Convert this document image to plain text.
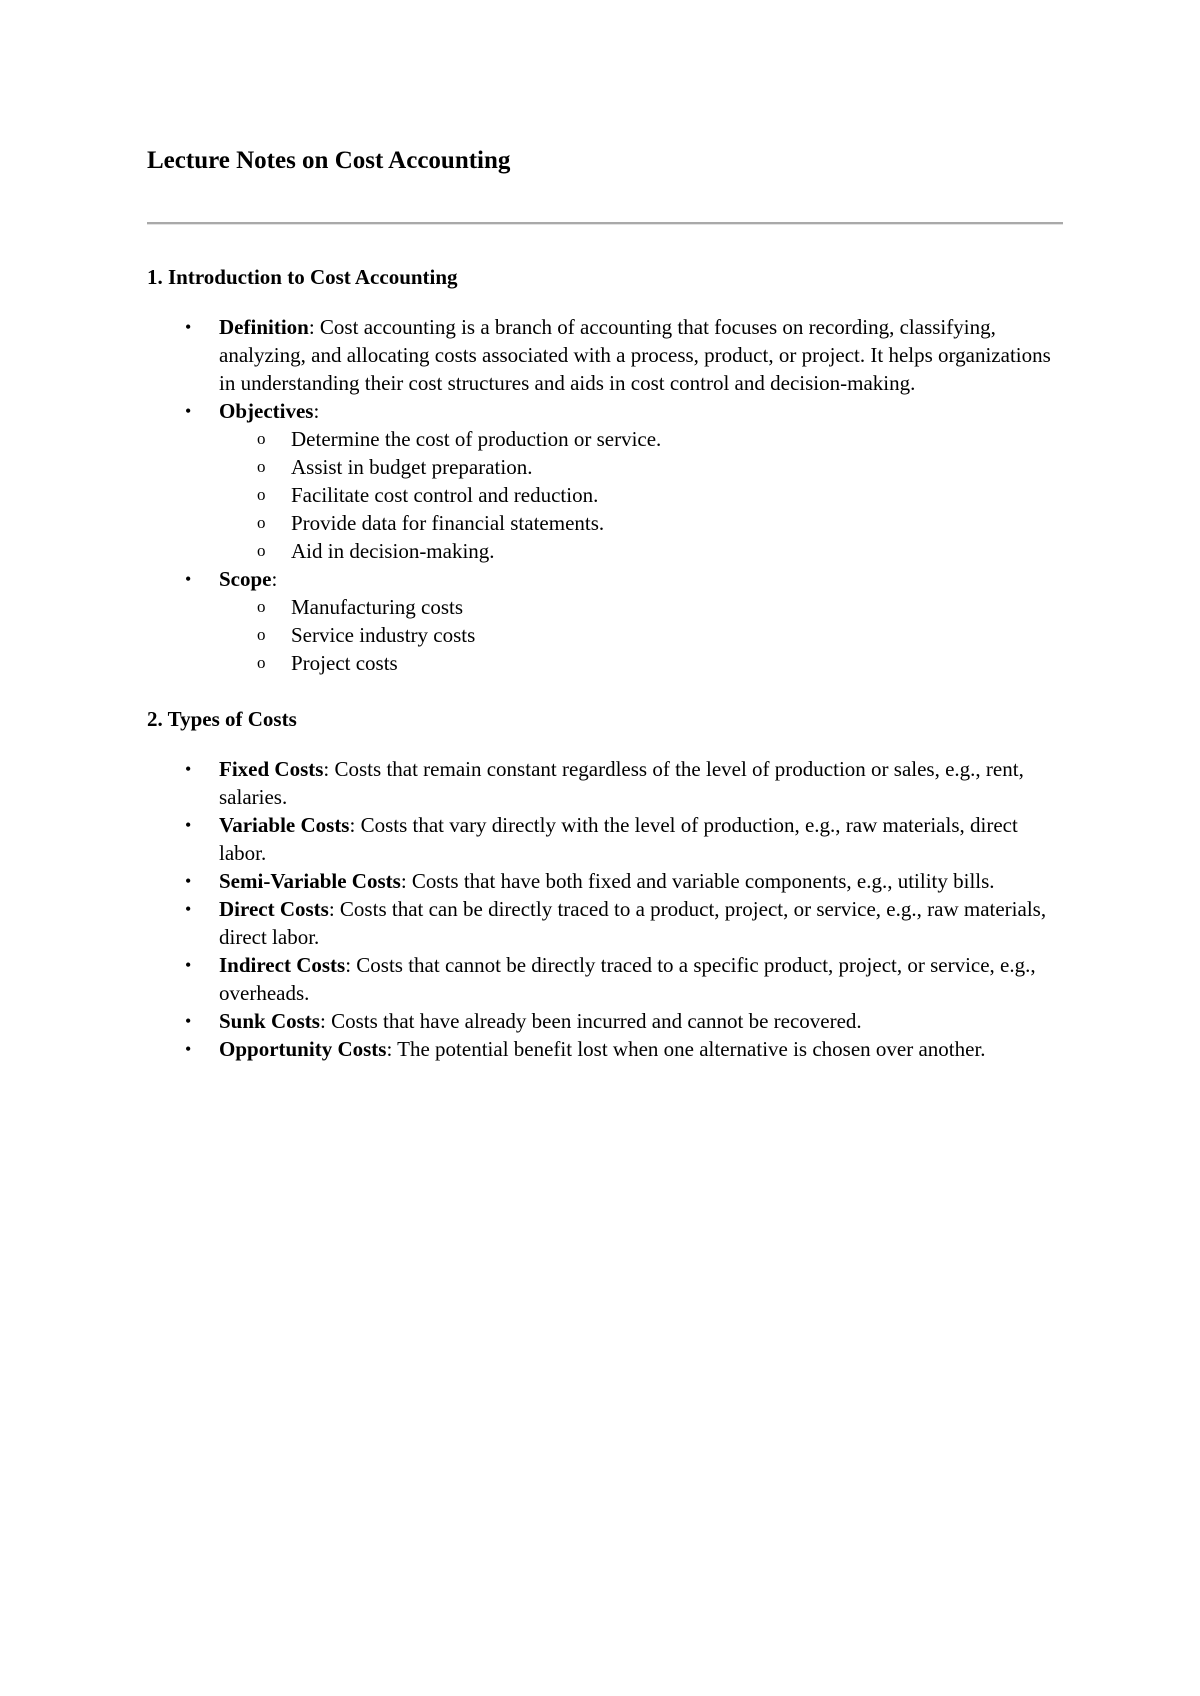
Lecture Notes on Cost Accounting
1. Introduction to Cost Accounting
• Definition: Cost accounting is a branch of accounting that focuses on recording, classifying, analyzing, and allocating costs associated with a process, product, or project. It helps organizations in understanding their cost structures and aids in cost control and decision-making.
• Objectives:
o Determine the cost of production or service.
o Assist in budget preparation.
o Facilitate cost control and reduction.
o Provide data for financial statements.
o Aid in decision-making.
• Scope:
o Manufacturing costs
o Service industry costs
o Project costs
2. Types of Costs
• Fixed Costs: Costs that remain constant regardless of the level of production or sales, e.g., rent, salaries.
• Variable Costs: Costs that vary directly with the level of production, e.g., raw materials, direct labor.
• Semi-Variable Costs: Costs that have both fixed and variable components, e.g., utility bills.
• Direct Costs: Costs that can be directly traced to a product, project, or service, e.g., raw materials, direct labor.
• Indirect Costs: Costs that cannot be directly traced to a specific product, project, or service, e.g., overheads.
• Sunk Costs: Costs that have already been incurred and cannot be recovered.
• Opportunity Costs: The potential benefit lost when one alternative is chosen over another.
